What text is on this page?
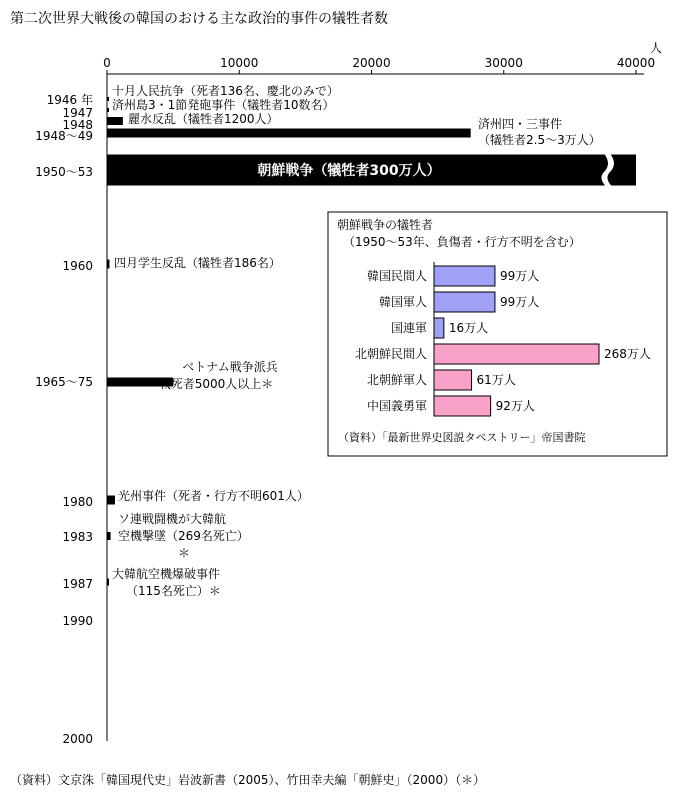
第二次世界大戦後の韓国のおける主な政治的事件の犠牲者数
0	10000	20000	30000	40000
人
1946 年
1947
1948
1948～49
1950～53
1960
1965～75
1980
1983
1987
1990
2000
十月人民抗争（死者136名、慶北のみで）
済州島3・1節発砲事件（犠牲者10数名）
麗水反乱（犠牲者1200人）	済州四・三事件
（犠牲者2.5～3万人）
朝鮮戦争（犠牲者300万人）
四月学生反乱（犠牲者186名）
ベトナム戦争派兵
戦死者5000人以上＊
光州事件（死者・行方不明601人）
ソ連戦闘機が大韓航
空機撃墜（269名死亡）
＊
大韓航空機爆破事件
（115名死亡）＊
朝鮮戦争の犠牲者
（1950～53年、負傷者・行方不明を含む）
韓国民間人	99万人
韓国軍人	99万人
国連軍 16万人
北朝鮮民間人	268万人
北朝鮮軍人	61万人
中国義勇軍	92万人
（資料）「最新世界史図説タペストリー」帝国書院
（資料）文京洙「韓国現代史」岩波新書（2005）、竹田幸夫編「朝鮮史」（2000）（＊）
